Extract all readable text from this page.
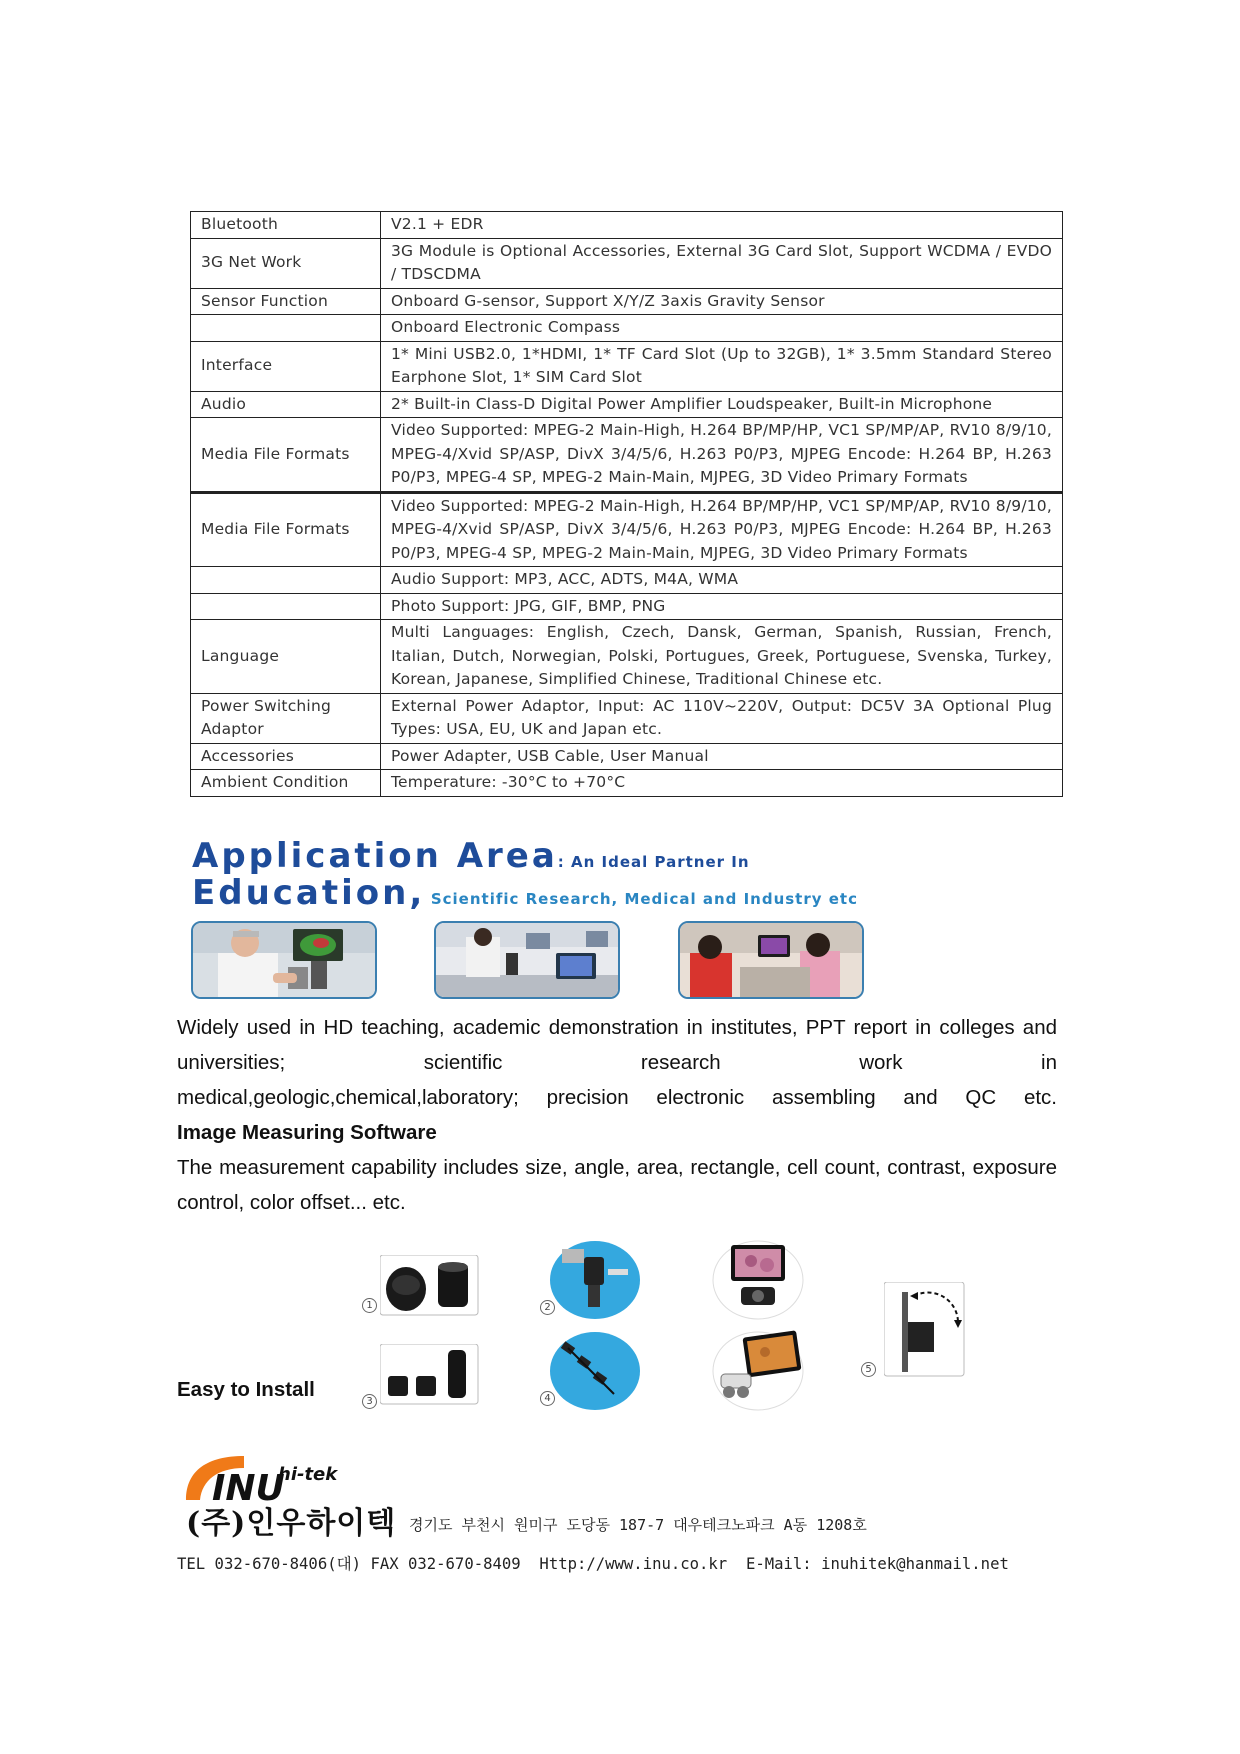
Bluetooth	V2.1 + EDR
3G Net Work	3G Module is Optional Accessories, External 3G Card Slot, Support WCDMA / EVDO / TDSCDMA
Sensor Function	Onboard G-sensor, Support X/Y/Z 3axis Gravity Sensor
	Onboard Electronic Compass
Interface	1* Mini USB2.0, 1*HDMI, 1* TF Card Slot (Up to 32GB), 1* 3.5mm Standard Stereo Earphone Slot, 1* SIM Card Slot
Audio	2* Built-in Class-D Digital Power Amplifier Loudspeaker, Built-in Microphone
Media File Formats	Video Supported: MPEG-2 Main-High, H.264 BP/MP/HP, VC1 SP/MP/AP, RV10 8/9/10, MPEG-4/Xvid SP/ASP, DivX 3/4/5/6, H.263 P0/P3, MJPEG Encode: H.264 BP, H.263 P0/P3, MPEG-4 SP, MPEG-2 Main-Main, MJPEG, 3D Video Primary Formats
Media File Formats	Video Supported: MPEG-2 Main-High, H.264 BP/MP/HP, VC1 SP/MP/AP, RV10 8/9/10, MPEG-4/Xvid SP/ASP, DivX 3/4/5/6, H.263 P0/P3, MJPEG Encode: H.264 BP, H.263 P0/P3, MPEG-4 SP, MPEG-2 Main-Main, MJPEG, 3D Video Primary Formats
	Audio Support: MP3, ACC, ADTS, M4A, WMA
	Photo Support: JPG, GIF, BMP, PNG
Language	Multi Languages: English, Czech, Dansk, German, Spanish, Russian, French, Italian, Dutch, Norwegian, Polski, Portugues, Greek, Portuguese, Svenska, Turkey, Korean, Japanese, Simplified Chinese, Traditional Chinese etc.
Power Switching Adaptor	External Power Adaptor, Input: AC 110V~220V, Output: DC5V 3A Optional Plug Types: USA, EU, UK and Japan etc.
Accessories	Power Adapter, USB Cable, User Manual
Ambient Condition	Temperature: -30°C to +70°C
Application Area: An Ideal Partner In
Education, Scientific Research, Medical and Industry etc

Widely used in HD teaching, academic demonstration in institutes, PPT report in colleges and universities; scientific research work in

medical,geologic,chemical,laboratory; precision electronic assembling and QC etc.

Image Measuring Software

The measurement capability includes size, angle, area, rectangle, cell count, contrast, exposure control, color offset... etc.

Easy to Install
1
3
2
4
5
INU
hi-tek
(주)인우하이텍 경기도 부천시 원미구 도당동 187-7 대우테크노파크 A동 1208호
TEL 032-670-8406(대) FAX 032-670-8409  Http://www.inu.co.kr  E-Mail: inuhitek@hanmail.net
